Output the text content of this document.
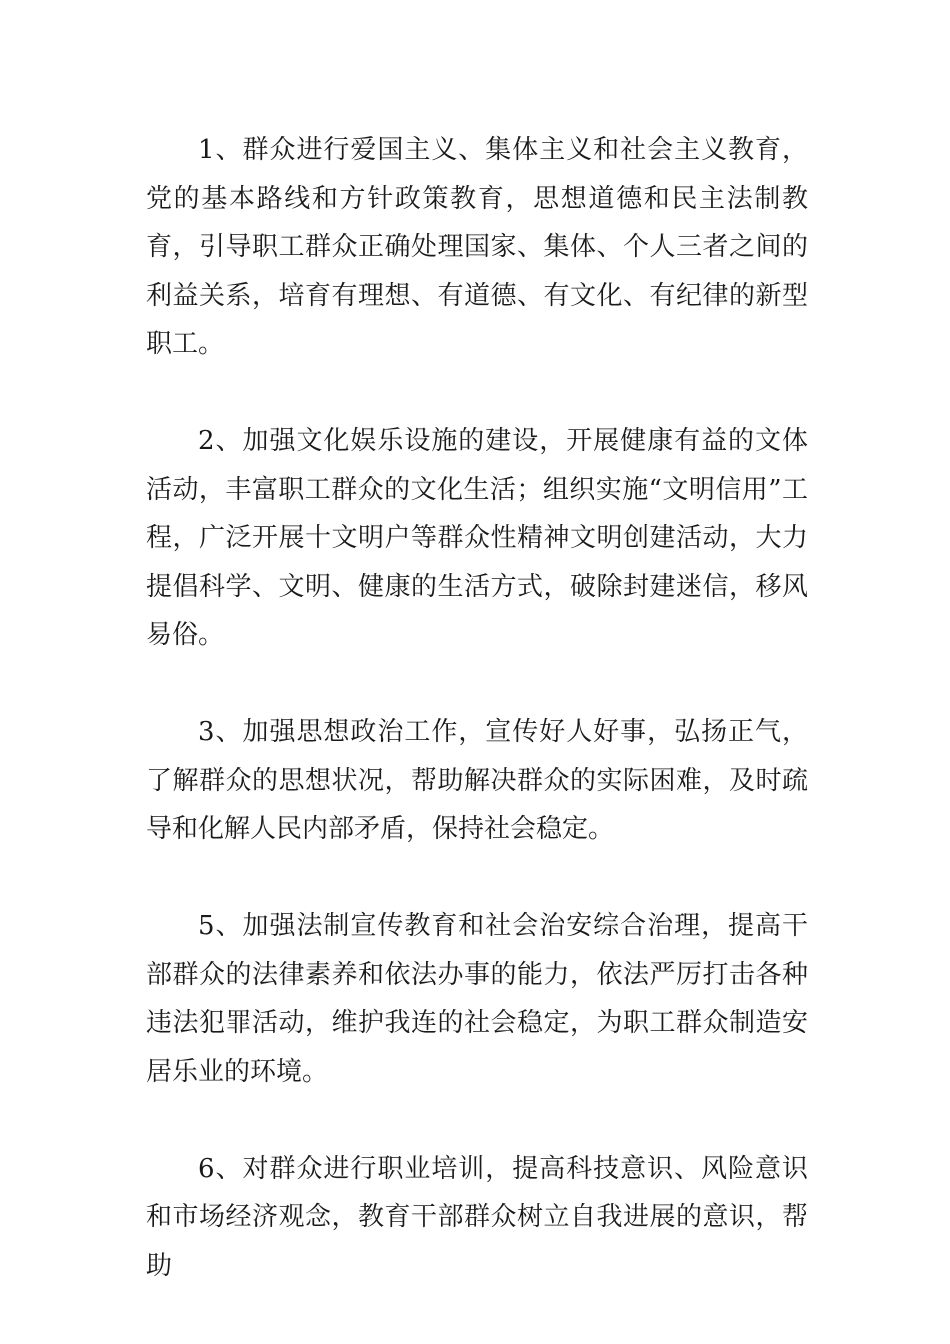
1、群众进行爱国主义、集体主义和社会主义教育，党的基本路线和方针政策教育，思想道德和民主法制教育，引导职工群众正确处理国家、集体、个人三者之间的利益关系，培育有理想、有道德、有文化、有纪律的新型职工。

2、加强文化娱乐设施的建设，开展健康有益的文体活动，丰富职工群众的文化生活；组织实施“文明信用”工程，广泛开展十文明户等群众性精神文明创建活动，大力提倡科学、文明、健康的生活方式，破除封建迷信，移风易俗。

3、加强思想政治工作，宣传好人好事，弘扬正气，了解群众的思想状况，帮助解决群众的实际困难，及时疏导和化解人民内部矛盾，保持社会稳定。

5、加强法制宣传教育和社会治安综合治理，提高干部群众的法律素养和依法办事的能力，依法严厉打击各种违法犯罪活动，维护我连的社会稳定，为职工群众制造安居乐业的环境。

6、对群众进行职业培训，提高科技意识、风险意识和市场经济观念，教育干部群众树立自我进展的意识，帮助
